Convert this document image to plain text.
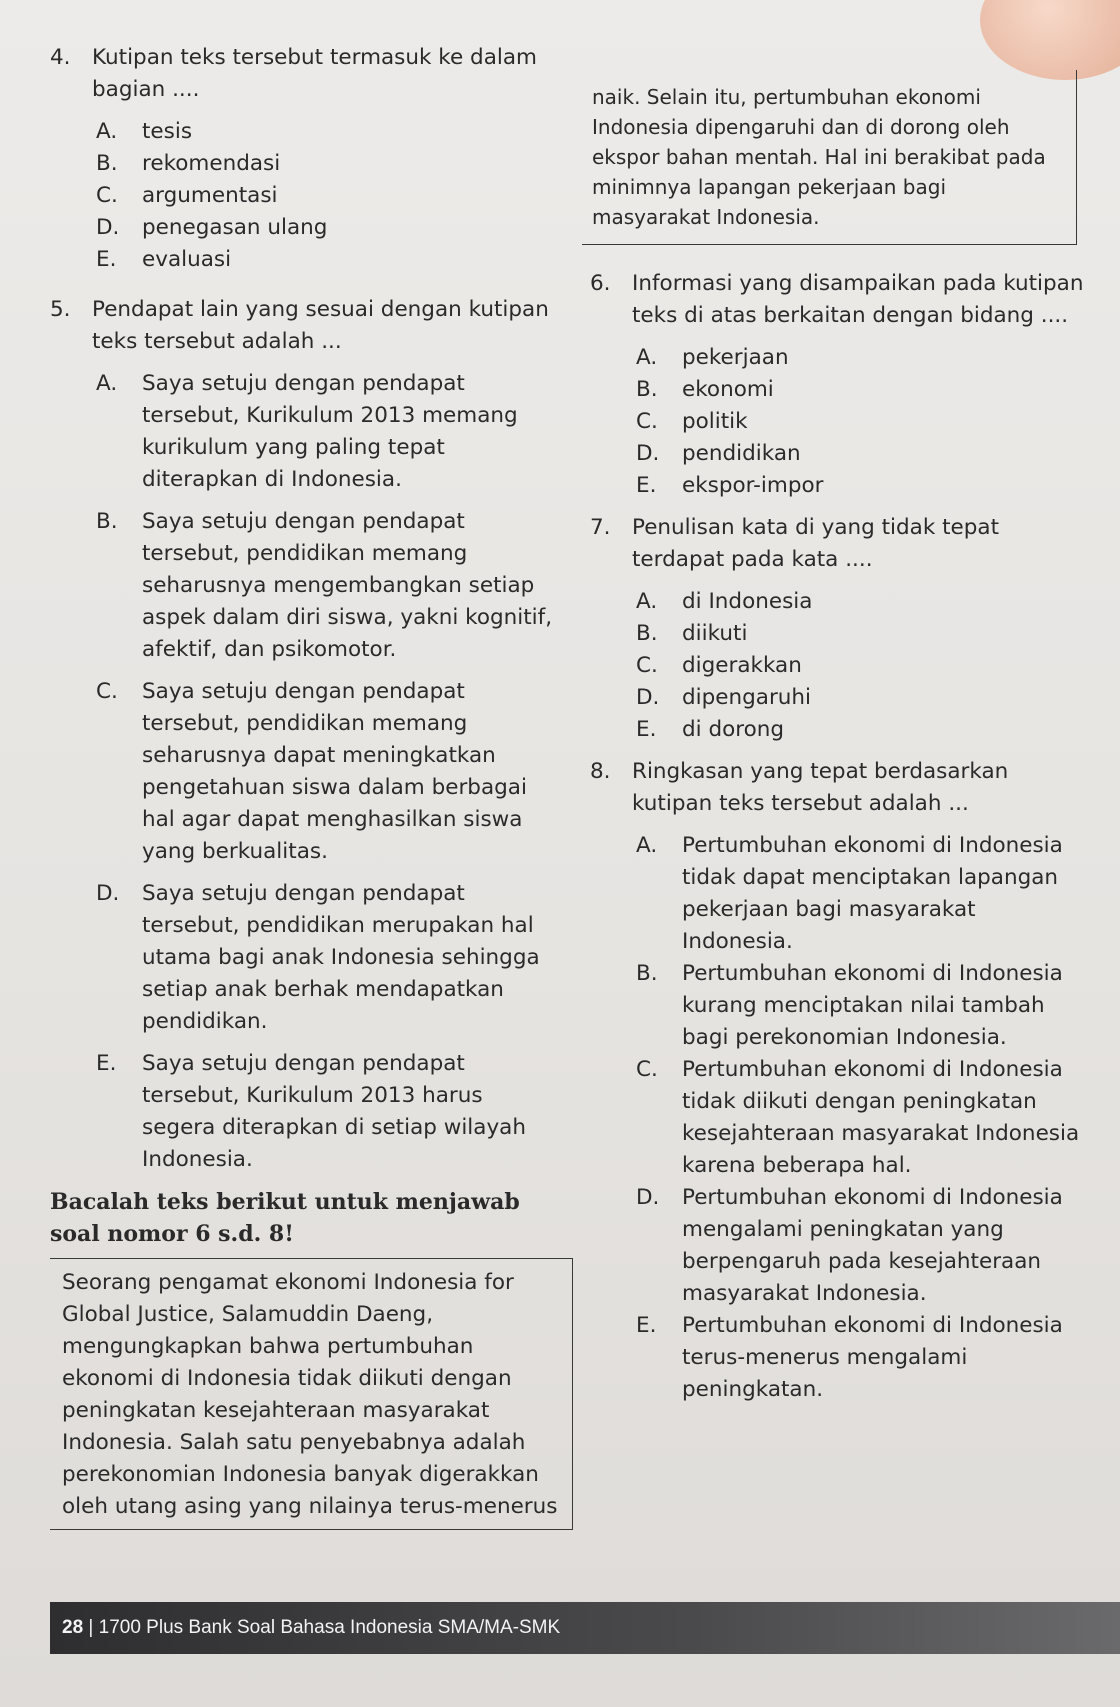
4. Kutipan teks tersebut termasuk ke dalam bagian ....
A.	tesis
B.	rekomendasi
C.	argumentasi
D.	penegasan ulang
E.	evaluasi
5. Pendapat lain yang sesuai dengan kutipan teks tersebut adalah ...
A.	Saya setuju dengan pendapat tersebut, Kurikulum 2013 memang kurikulum yang paling tepat diterapkan di Indonesia.
B.	Saya setuju dengan pendapat tersebut, pendidikan memang seharusnya mengembangkan setiap aspek dalam diri siswa, yakni kognitif, afektif, dan psikomotor.
C.	Saya setuju dengan pendapat tersebut, pendidikan memang seharusnya dapat meningkatkan pengetahuan siswa dalam berbagai hal agar dapat menghasilkan siswa yang berkualitas.
D.	Saya setuju dengan pendapat tersebut, pendidikan merupakan hal utama bagi anak Indonesia sehingga setiap anak berhak mendapatkan pendidikan.
E.	Saya setuju dengan pendapat tersebut, Kurikulum 2013 harus segera diterapkan di setiap wilayah Indonesia.
Bacalah teks berikut untuk menjawab soal nomor 6 s.d. 8!
Seorang pengamat ekonomi Indonesia for Global Justice, Salamuddin Daeng, mengungkapkan bahwa pertumbuhan ekonomi di Indonesia tidak diikuti dengan peningkatan kesejahteraan masyarakat Indonesia. Salah satu penyebabnya adalah perekonomian Indonesia banyak digerakkan oleh utang asing yang nilainya terus-menerus
naik. Selain itu, pertumbuhan ekonomi Indonesia dipengaruhi dan di dorong oleh ekspor bahan mentah. Hal ini berakibat pada minimnya lapangan pekerjaan bagi masyarakat Indonesia.
6. Informasi yang disampaikan pada kutipan teks di atas berkaitan dengan bidang ....
A.	pekerjaan
B.	ekonomi
C.	politik
D.	pendidikan
E.	ekspor-impor
7. Penulisan kata di yang tidak tepat terdapat pada kata ....
A.	di Indonesia
B.	diikuti
C.	digerakkan
D.	dipengaruhi
E.	di dorong
8. Ringkasan yang tepat berdasarkan kutipan teks tersebut adalah ...
A.	Pertumbuhan ekonomi di Indonesia tidak dapat menciptakan lapangan pekerjaan bagi masyarakat Indonesia.
B.	Pertumbuhan ekonomi di Indonesia kurang menciptakan nilai tambah bagi perekonomian Indonesia.
C.	Pertumbuhan ekonomi di Indonesia tidak diikuti dengan peningkatan kesejahteraan masyarakat Indonesia karena beberapa hal.
D.	Pertumbuhan ekonomi di Indonesia mengalami peningkatan yang berpengaruh pada kesejahteraan masyarakat Indonesia.
E.	Pertumbuhan ekonomi di Indonesia terus-menerus mengalami peningkatan.
28 | 1700 Plus Bank Soal Bahasa Indonesia SMA/MA-SMK
